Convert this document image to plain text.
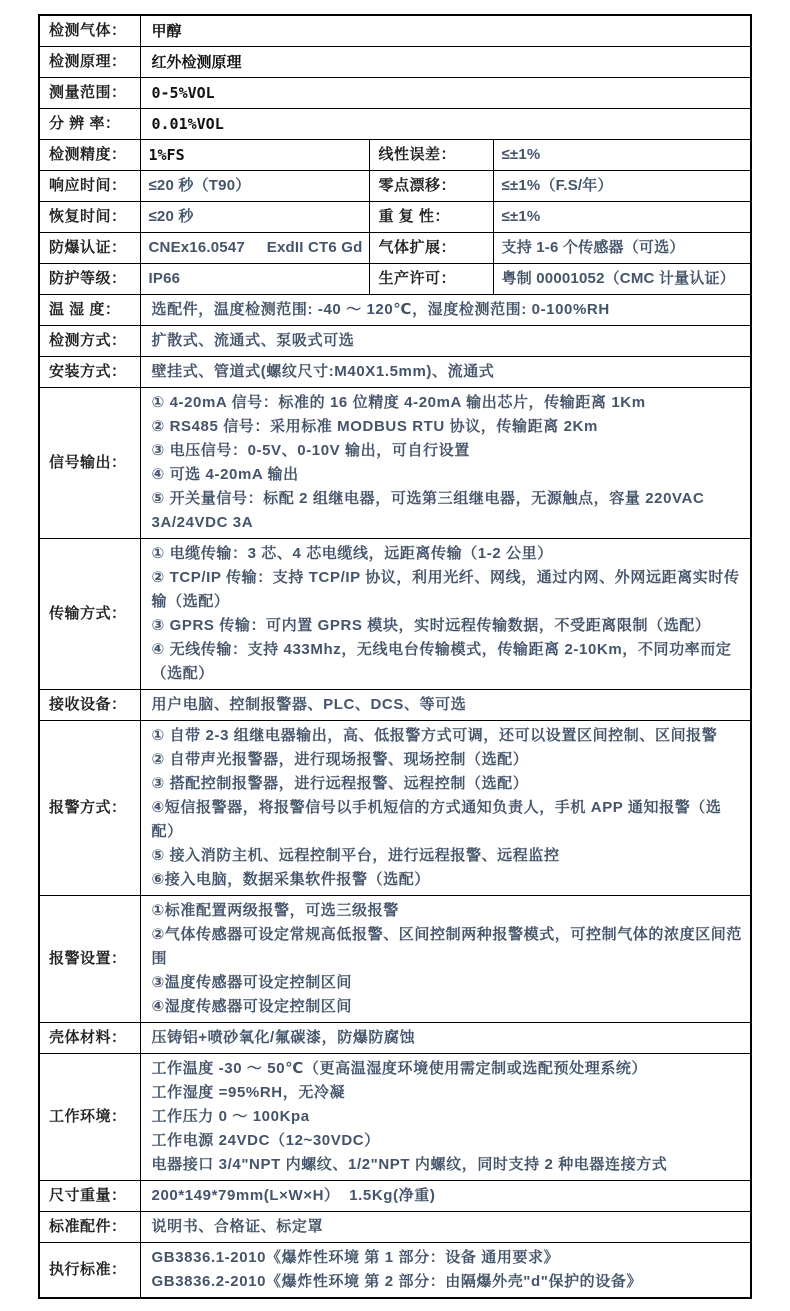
检测气体：	甲醇		

检测原理：	红外检测原理		

测量范围：	0-5%VOL		

分 辨 率：	0.01%VOL		

检测精度：	1%FS	线性误差：	≤±1%

响应时间：	≤20 秒（T90）	零点漂移：	≤±1%（F.S/年）

恢复时间：	≤20 秒	重 复 性：	≤±1%

防爆认证：	CNEx16.0547     ExdII CT6 Gd	气体扩展：	支持 1-6 个传感器（可选）

防护等级：	IP66	生产许可：	粤制 00001052（CMC 计量认证）

温 湿 度：	选配件，温度检测范围: -40 ～ 120℃，湿度检测范围: 0-100%RH		

检测方式：	扩散式、流通式、泵吸式可选		

安装方式：	壁挂式、管道式(螺纹尺寸:M40X1.5mm)、流通式		

信号输出：	① 4-20mA 信号：标准的 16 位精度 4-20mA 输出芯片，传输距离 1Km
② RS485 信号：采用标准 MODBUS RTU 协议，传输距离 2Km
③ 电压信号：0-5V、0-10V 输出，可自行设置
④ 可选 4-20mA 输出
⑤ 开关量信号：标配 2 组继电器，可选第三组继电器，无源触点，容量 220VAC 3A/24VDC 3A		

传输方式：	① 电缆传输：3 芯、4 芯电缆线，远距离传输（1-2 公里）
② TCP/IP 传输：支持 TCP/IP 协议，利用光纤、网线，通过内网、外网远距离实时传输（选配）
③ GPRS 传输：可内置 GPRS 模块，实时远程传输数据，不受距离限制（选配）
④ 无线传输：支持 433Mhz，无线电台传输模式，传输距离 2-10Km，不同功率而定（选配）		

接收设备：	用户电脑、控制报警器、PLC、DCS、等可选		

报警方式：	
① 自带 2-3 组继电器输出，高、低报警方式可调，还可以设置区间控制、区间报警
② 自带声光报警器，进行现场报警、现场控制（选配）
③ 搭配控制报警器，进行远程报警、远程控制（选配）
④短信报警器，将报警信号以手机短信的方式通知负责人，手机 APP 通知报警（选配）
⑤ 接入消防主机、远程控制平台，进行远程报警、远程监控
⑥接入电脑，数据采集软件报警（选配）

报警设置：	①标准配置两级报警，可选三级报警
②气体传感器可设定常规高低报警、区间控制两种报警模式，可控制气体的浓度区间范围
③温度传感器可设定控制区间
④湿度传感器可设定控制区间		

壳体材料：	压铸铝+喷砂氧化/氟碳漆，防爆防腐蚀		

工作环境：	工作温度 -30 ～ 50℃（更高温湿度环境使用需定制或选配预处理系统）
工作湿度 =95%RH，无冷凝
工作压力 0 ～ 100Kpa
工作电源 24VDC（12~30VDC）
电器接口 3/4"NPT 内螺纹、1/2"NPT 内螺纹，同时支持 2 种电器连接方式		

尺寸重量：	200*149*79mm(L×W×H）  1.5Kg(净重)		

标准配件：	说明书、合格证、标定罩		

执行标准：	GB3836.1-2010《爆炸性环境 第 1 部分：设备 通用要求》
GB3836.2-2010《爆炸性环境 第 2 部分：由隔爆外壳"d"保护的设备》		
